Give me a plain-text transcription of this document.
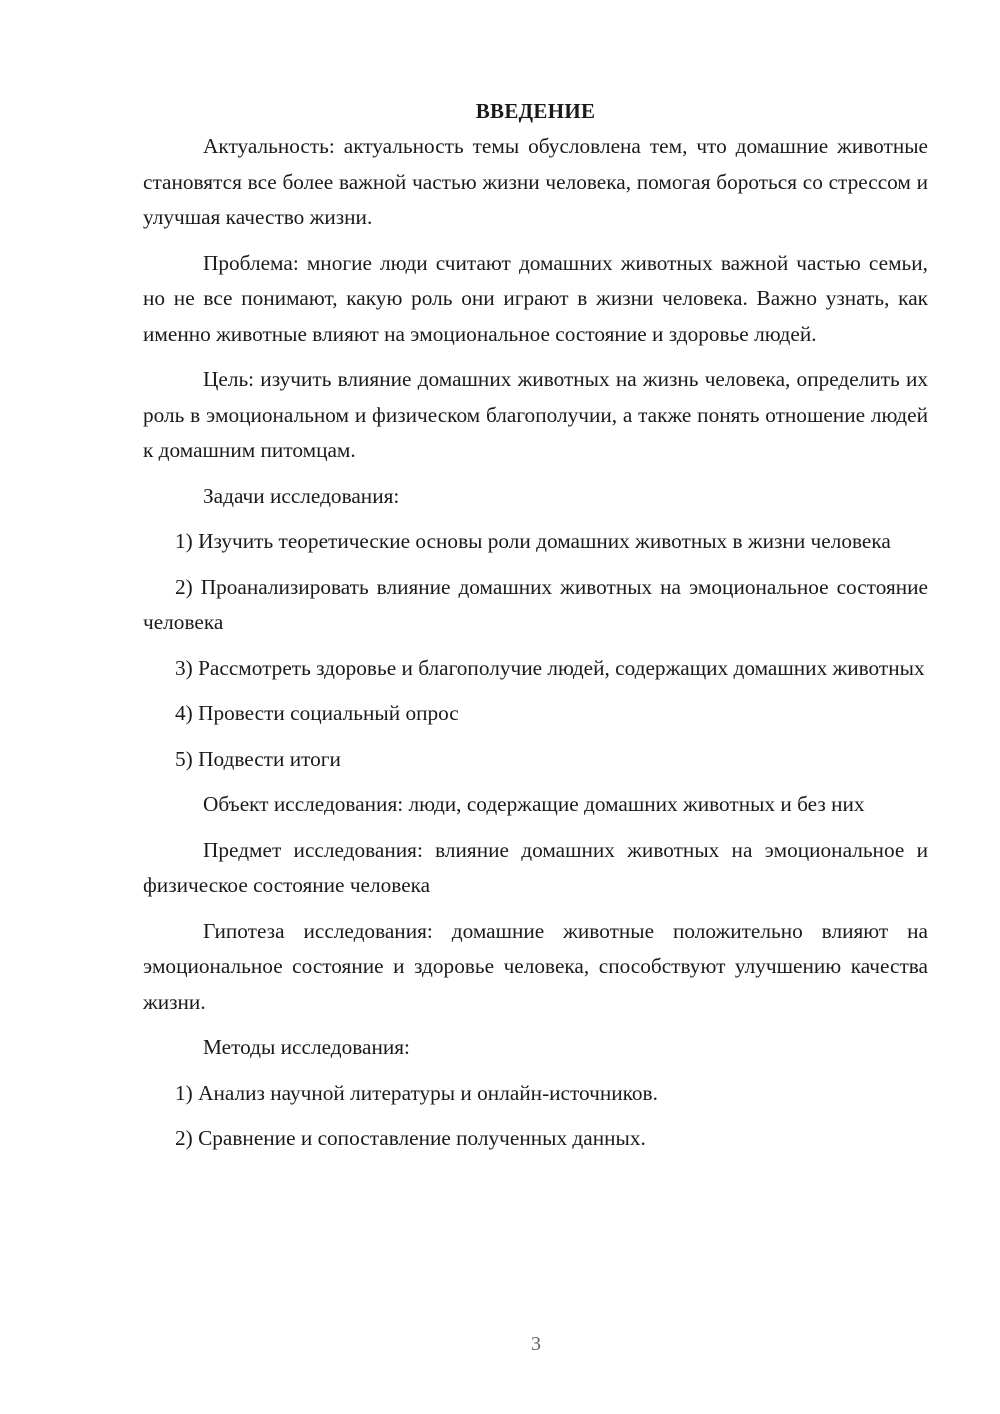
ВВЕДЕНИЕ

Актуальность: актуальность темы обусловлена тем, что домашние животные становятся все более важной частью жизни человека, помогая бороться со стрессом и улучшая качество жизни.

Проблема: многие люди считают домашних животных важной частью семьи, но не все понимают, какую роль они играют в жизни человека. Важно узнать, как именно животные влияют на эмоциональное состояние и здоровье людей.

Цель: изучить влияние домашних животных на жизнь человека, определить их роль в эмоциональном и физическом благополучии, а также понять отношение людей к домашним питомцам.

Задачи исследования:

1) Изучить теоретические основы роли домашних животных в жизни человека

2) Проанализировать влияние домашних животных на эмоциональное состояние человека

3) Рассмотреть здоровье и благополучие людей, содержащих домашних животных

4) Провести социальный опрос

5) Подвести итоги

Объект исследования: люди, содержащие домашних животных и без них

Предмет исследования: влияние домашних животных на эмоциональное и физическое состояние человека

Гипотеза исследования: домашние животные положительно влияют на эмоциональное состояние и здоровье человека, способствуют улучшению качества жизни.

Методы исследования:

1) Анализ научной литературы и онлайн-источников.

2) Сравнение и сопоставление полученных данных.

3
